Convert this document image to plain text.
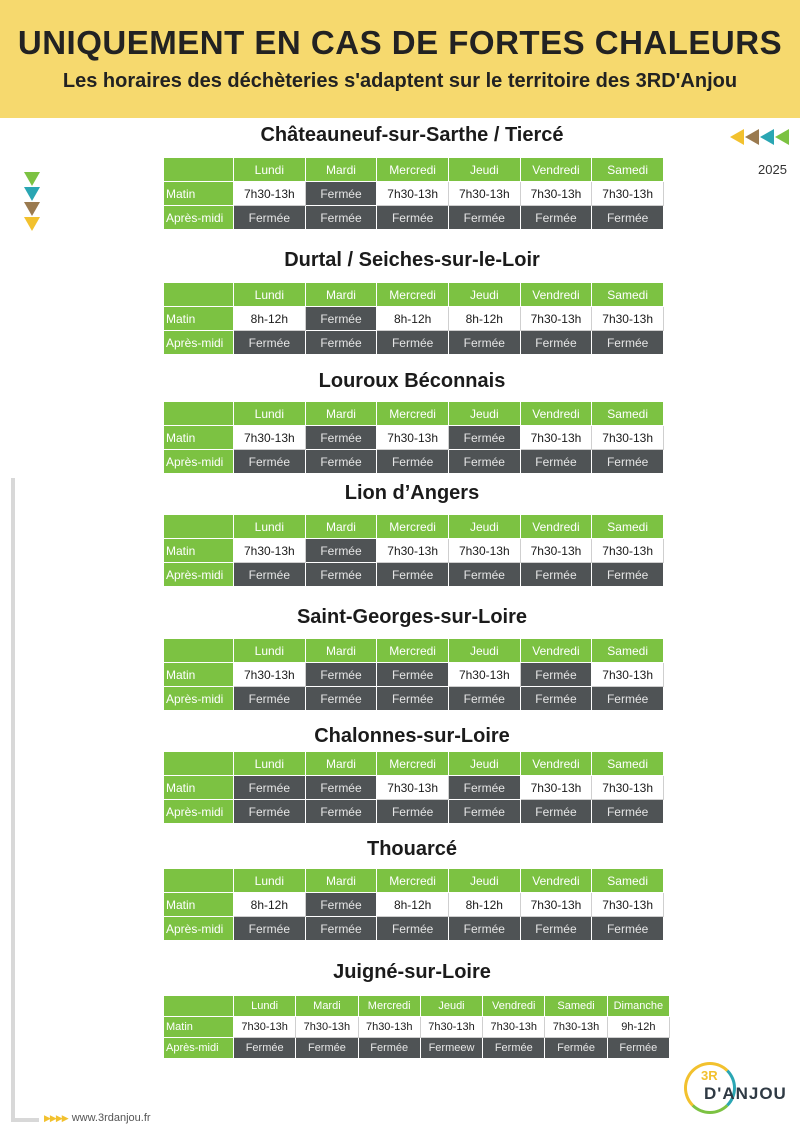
UNIQUEMENT EN CAS DE FORTES CHALEURS
Les horaires des déchèteries s'adaptent sur le territoire des 3RD'Anjou
2025
Châteauneuf-sur-Sarthe / Tiercé
	Lundi	Mardi	Mercredi	Jeudi	Vendredi	Samedi
Matin	7h30-13h	Fermée	7h30-13h	7h30-13h	7h30-13h	7h30-13h
Après-midi	Fermée	Fermée	Fermée	Fermée	Fermée	Fermée
Durtal / Seiches-sur-le-Loir
	Lundi	Mardi	Mercredi	Jeudi	Vendredi	Samedi
Matin	8h-12h	Fermée	8h-12h	8h-12h	7h30-13h	7h30-13h
Après-midi	Fermée	Fermée	Fermée	Fermée	Fermée	Fermée
Louroux Béconnais
	Lundi	Mardi	Mercredi	Jeudi	Vendredi	Samedi
Matin	7h30-13h	Fermée	7h30-13h	Fermée	7h30-13h	7h30-13h
Après-midi	Fermée	Fermée	Fermée	Fermée	Fermée	Fermée
Lion d’Angers
	Lundi	Mardi	Mercredi	Jeudi	Vendredi	Samedi
Matin	7h30-13h	Fermée	7h30-13h	7h30-13h	7h30-13h	7h30-13h
Après-midi	Fermée	Fermée	Fermée	Fermée	Fermée	Fermée
Saint-Georges-sur-Loire
	Lundi	Mardi	Mercredi	Jeudi	Vendredi	Samedi
Matin	7h30-13h	Fermée	Fermée	7h30-13h	Fermée	7h30-13h
Après-midi	Fermée	Fermée	Fermée	Fermée	Fermée	Fermée
Chalonnes-sur-Loire
	Lundi	Mardi	Mercredi	Jeudi	Vendredi	Samedi
Matin	Fermée	Fermée	7h30-13h	Fermée	7h30-13h	7h30-13h
Après-midi	Fermée	Fermée	Fermée	Fermée	Fermée	Fermée
Thouarcé
	Lundi	Mardi	Mercredi	Jeudi	Vendredi	Samedi
Matin	8h-12h	Fermée	8h-12h	8h-12h	7h30-13h	7h30-13h
Après-midi	Fermée	Fermée	Fermée	Fermée	Fermée	Fermée
Juigné-sur-Loire
	Lundi	Mardi	Mercredi	Jeudi	Vendredi	Samedi	Dimanche
Matin	7h30-13h	7h30-13h	7h30-13h	7h30-13h	7h30-13h	7h30-13h	9h-12h
Après-midi	Fermée	Fermée	Fermée	Fermeew	Fermée	Fermée	Fermée
3R
D'ANJOU
▶▶▶▶ www.3rdanjou.fr
